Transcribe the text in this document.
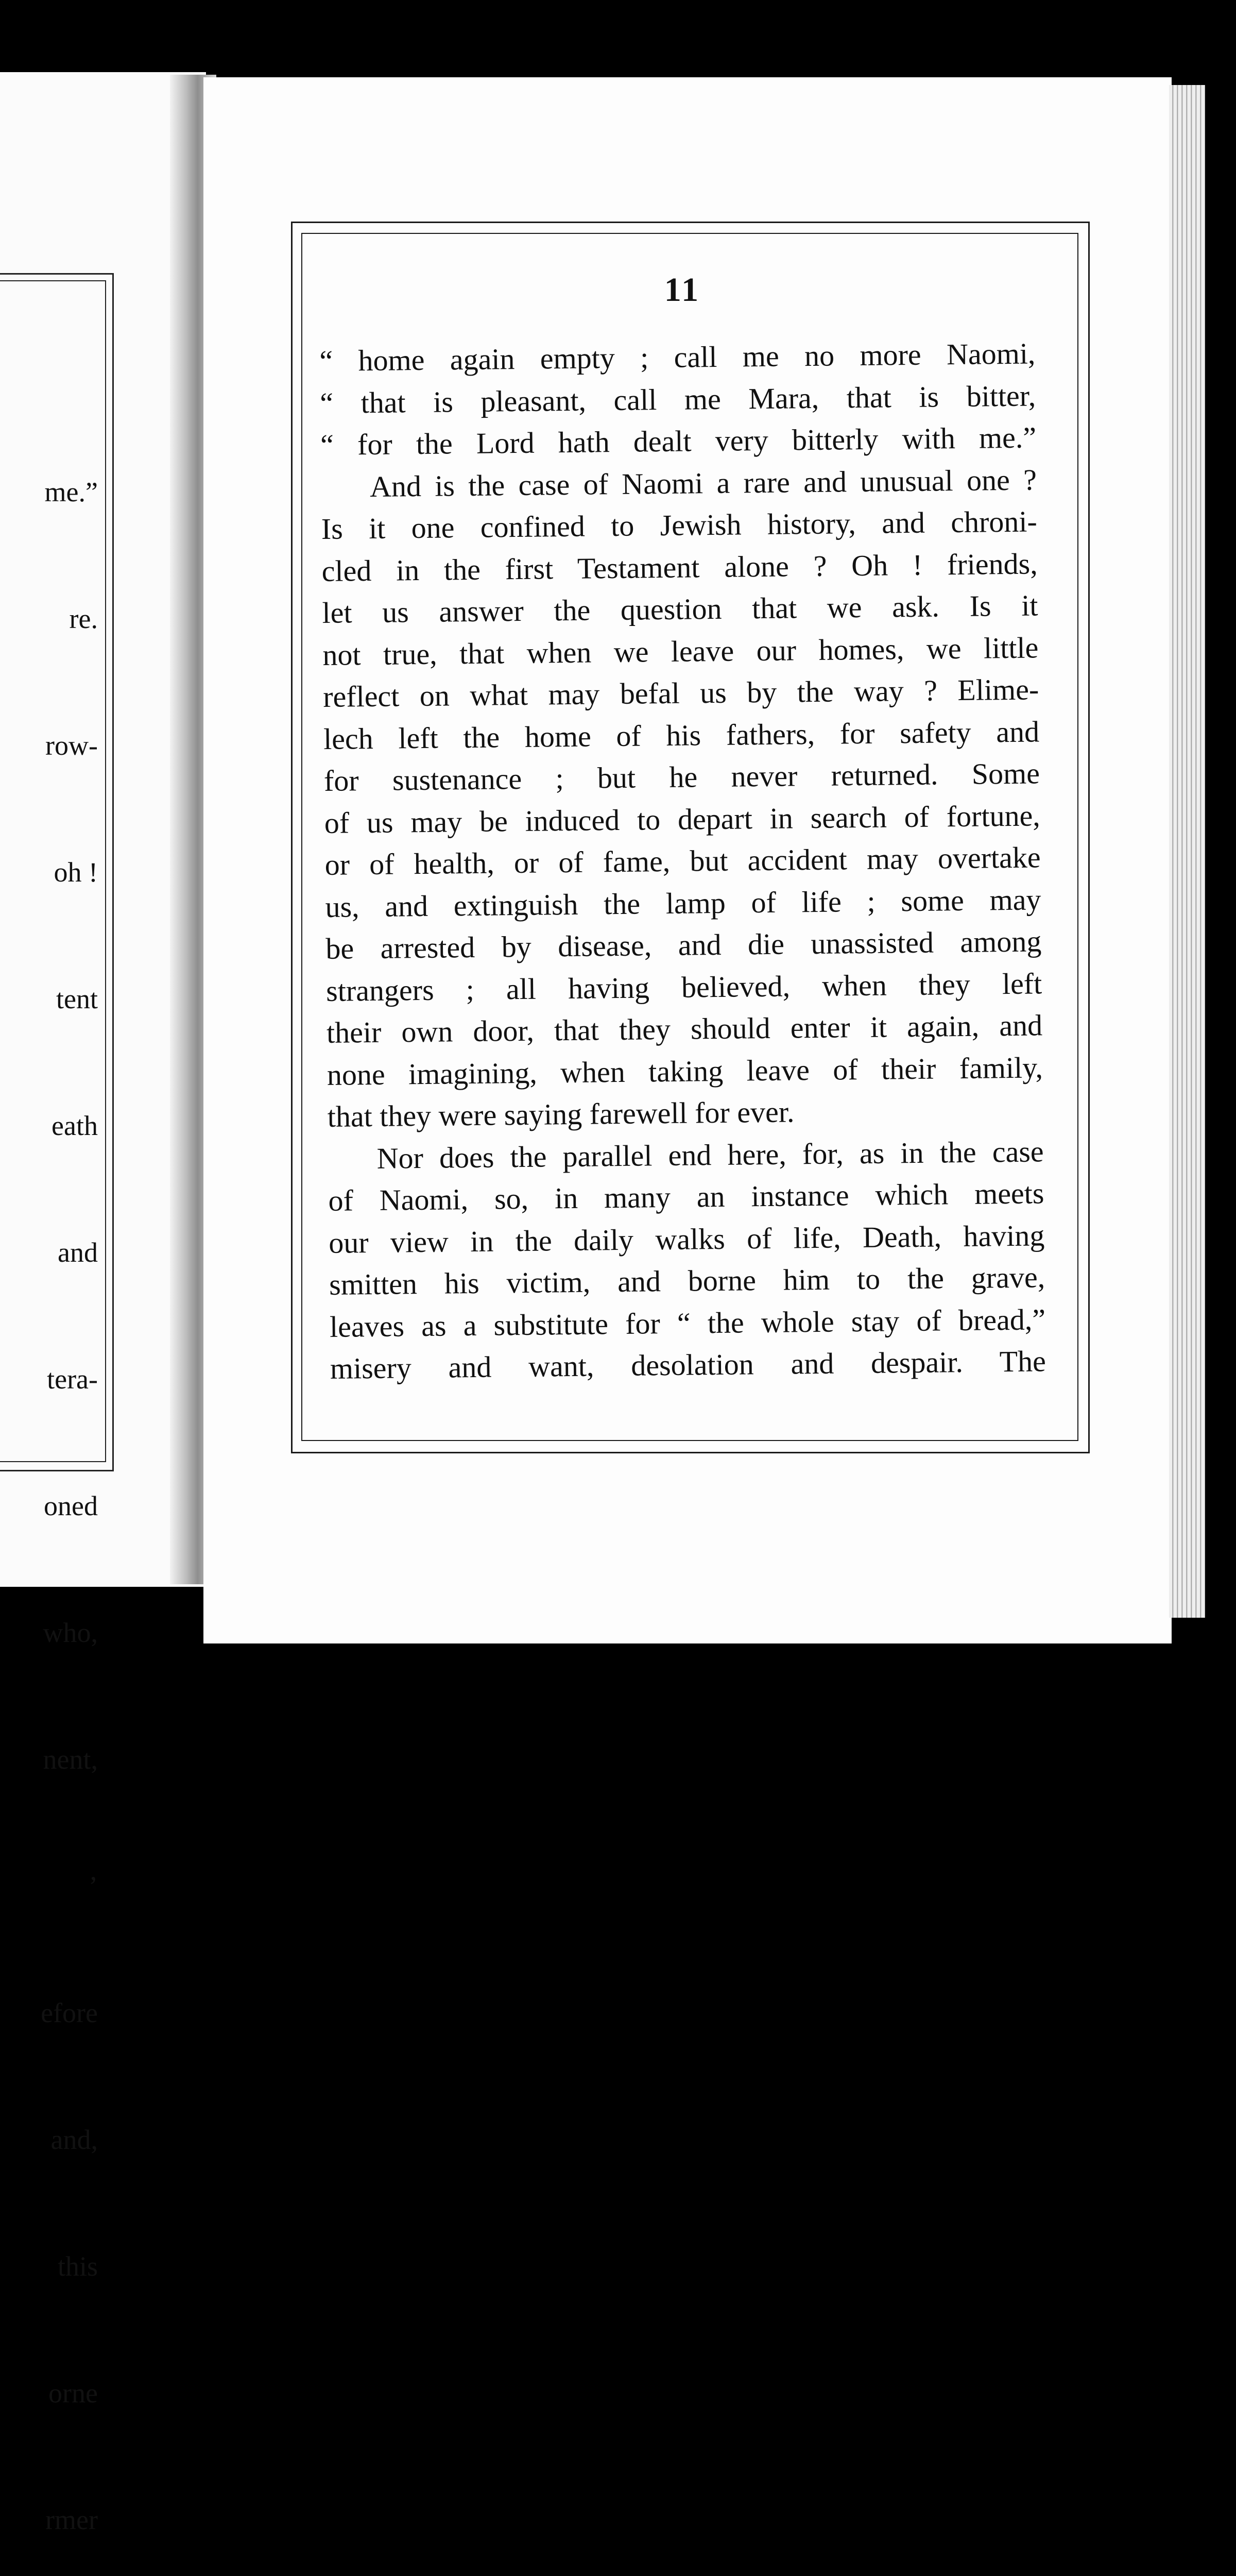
me.”

re.

row-

oh !

tent

eath

and

tera-

oned

who,

nent,

’

efore

and,

this

orne

rmer

11
“ home again empty ; call me no more Naomi,
“ that is pleasant, call me Mara, that is bitter,
“ for the Lord hath dealt very bitterly with me.”
And is the case of Naomi a rare and unusual one ?
Is it one confined to Jewish history, and chroni-
cled in the first Testament alone ? Oh ! friends,
let us answer the question that we ask. Is it
not true, that when we leave our homes, we little
reflect on what may befal us by the way ? Elime-
lech left the home of his fathers, for safety and
for sustenance ; but he never returned. Some
of us may be induced to depart in search of fortune,
or of health, or of fame, but accident may overtake
us, and extinguish the lamp of life ; some may
be arrested by disease, and die unassisted among
strangers ; all having believed, when they left
their own door, that they should enter it again, and
none imagining, when taking leave of their family,
that they were saying farewell for ever.
Nor does the parallel end here, for, as in the case
of Naomi, so, in many an instance which meets
our view in the daily walks of life, Death, having
smitten his victim, and borne him to the grave,
leaves as a substitute for “ the whole stay of bread,”
misery and want, desolation and despair. The
